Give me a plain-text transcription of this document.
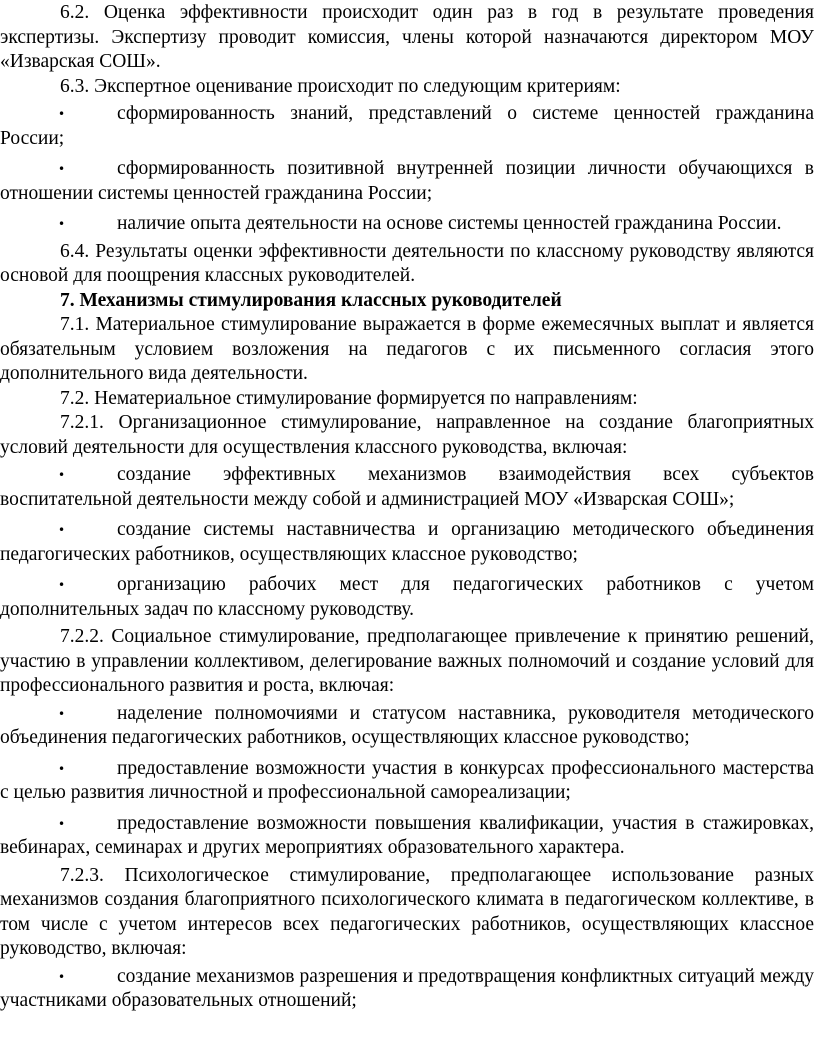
6.2. Оценка эффективности происходит один раз в год в результате проведения экспертизы. Экспертизу проводит комиссия, члены которой назначаются директором МОУ «Изварская СОШ».

6.3. Экспертное оценивание происходит по следующим критериям:

•	сформированность знаний, представлений о системе ценностей гражданина России;
•	сформированность позитивной внутренней позиции личности обучающихся в отношении системы ценностей гражданина России;
•	наличие опыта деятельности на основе системы ценностей гражданина России.

6.4. Результаты оценки эффективности деятельности по классному руководству являются основой для поощрения классных руководителей.

7. Механизмы стимулирования классных руководителей

7.1. Материальное стимулирование выражается в форме ежемесячных выплат и является обязательным условием возложения на педагогов с их письменного согласия этого дополнительного вида деятельности.

7.2. Нематериальное стимулирование формируется по направлениям:

7.2.1. Организационное стимулирование, направленное на создание благоприятных условий деятельности для осуществления классного руководства, включая:

•	создание эффективных механизмов взаимодействия всех субъектов воспитательной деятельности между собой и администрацией МОУ «Изварская СОШ»;
•	создание системы наставничества и организацию методического объединения педагогических работников, осуществляющих классное руководство;
•	организацию рабочих мест для педагогических работников с учетом дополнительных задач по классному руководству.

7.2.2. Социальное стимулирование, предполагающее привлечение к принятию решений, участию в управлении коллективом, делегирование важных полномочий и создание условий для профессионального развития и роста, включая:

•	наделение полномочиями и статусом наставника, руководителя методического объединения педагогических работников, осуществляющих классное руководство;
•	предоставление возможности участия в конкурсах профессионального мастерства с целью развития личностной и профессиональной самореализации;
•	предоставление возможности повышения квалификации, участия в стажировках, вебинарах, семинарах и других мероприятиях образовательного характера.

7.2.3. Психологическое стимулирование, предполагающее использование разных механизмов создания благоприятного психологического климата в педагогическом коллективе, в том числе с учетом интересов всех педагогических работников, осуществляющих классное руководство, включая:

•	создание механизмов разрешения и предотвращения конфликтных ситуаций между участниками образовательных отношений;
